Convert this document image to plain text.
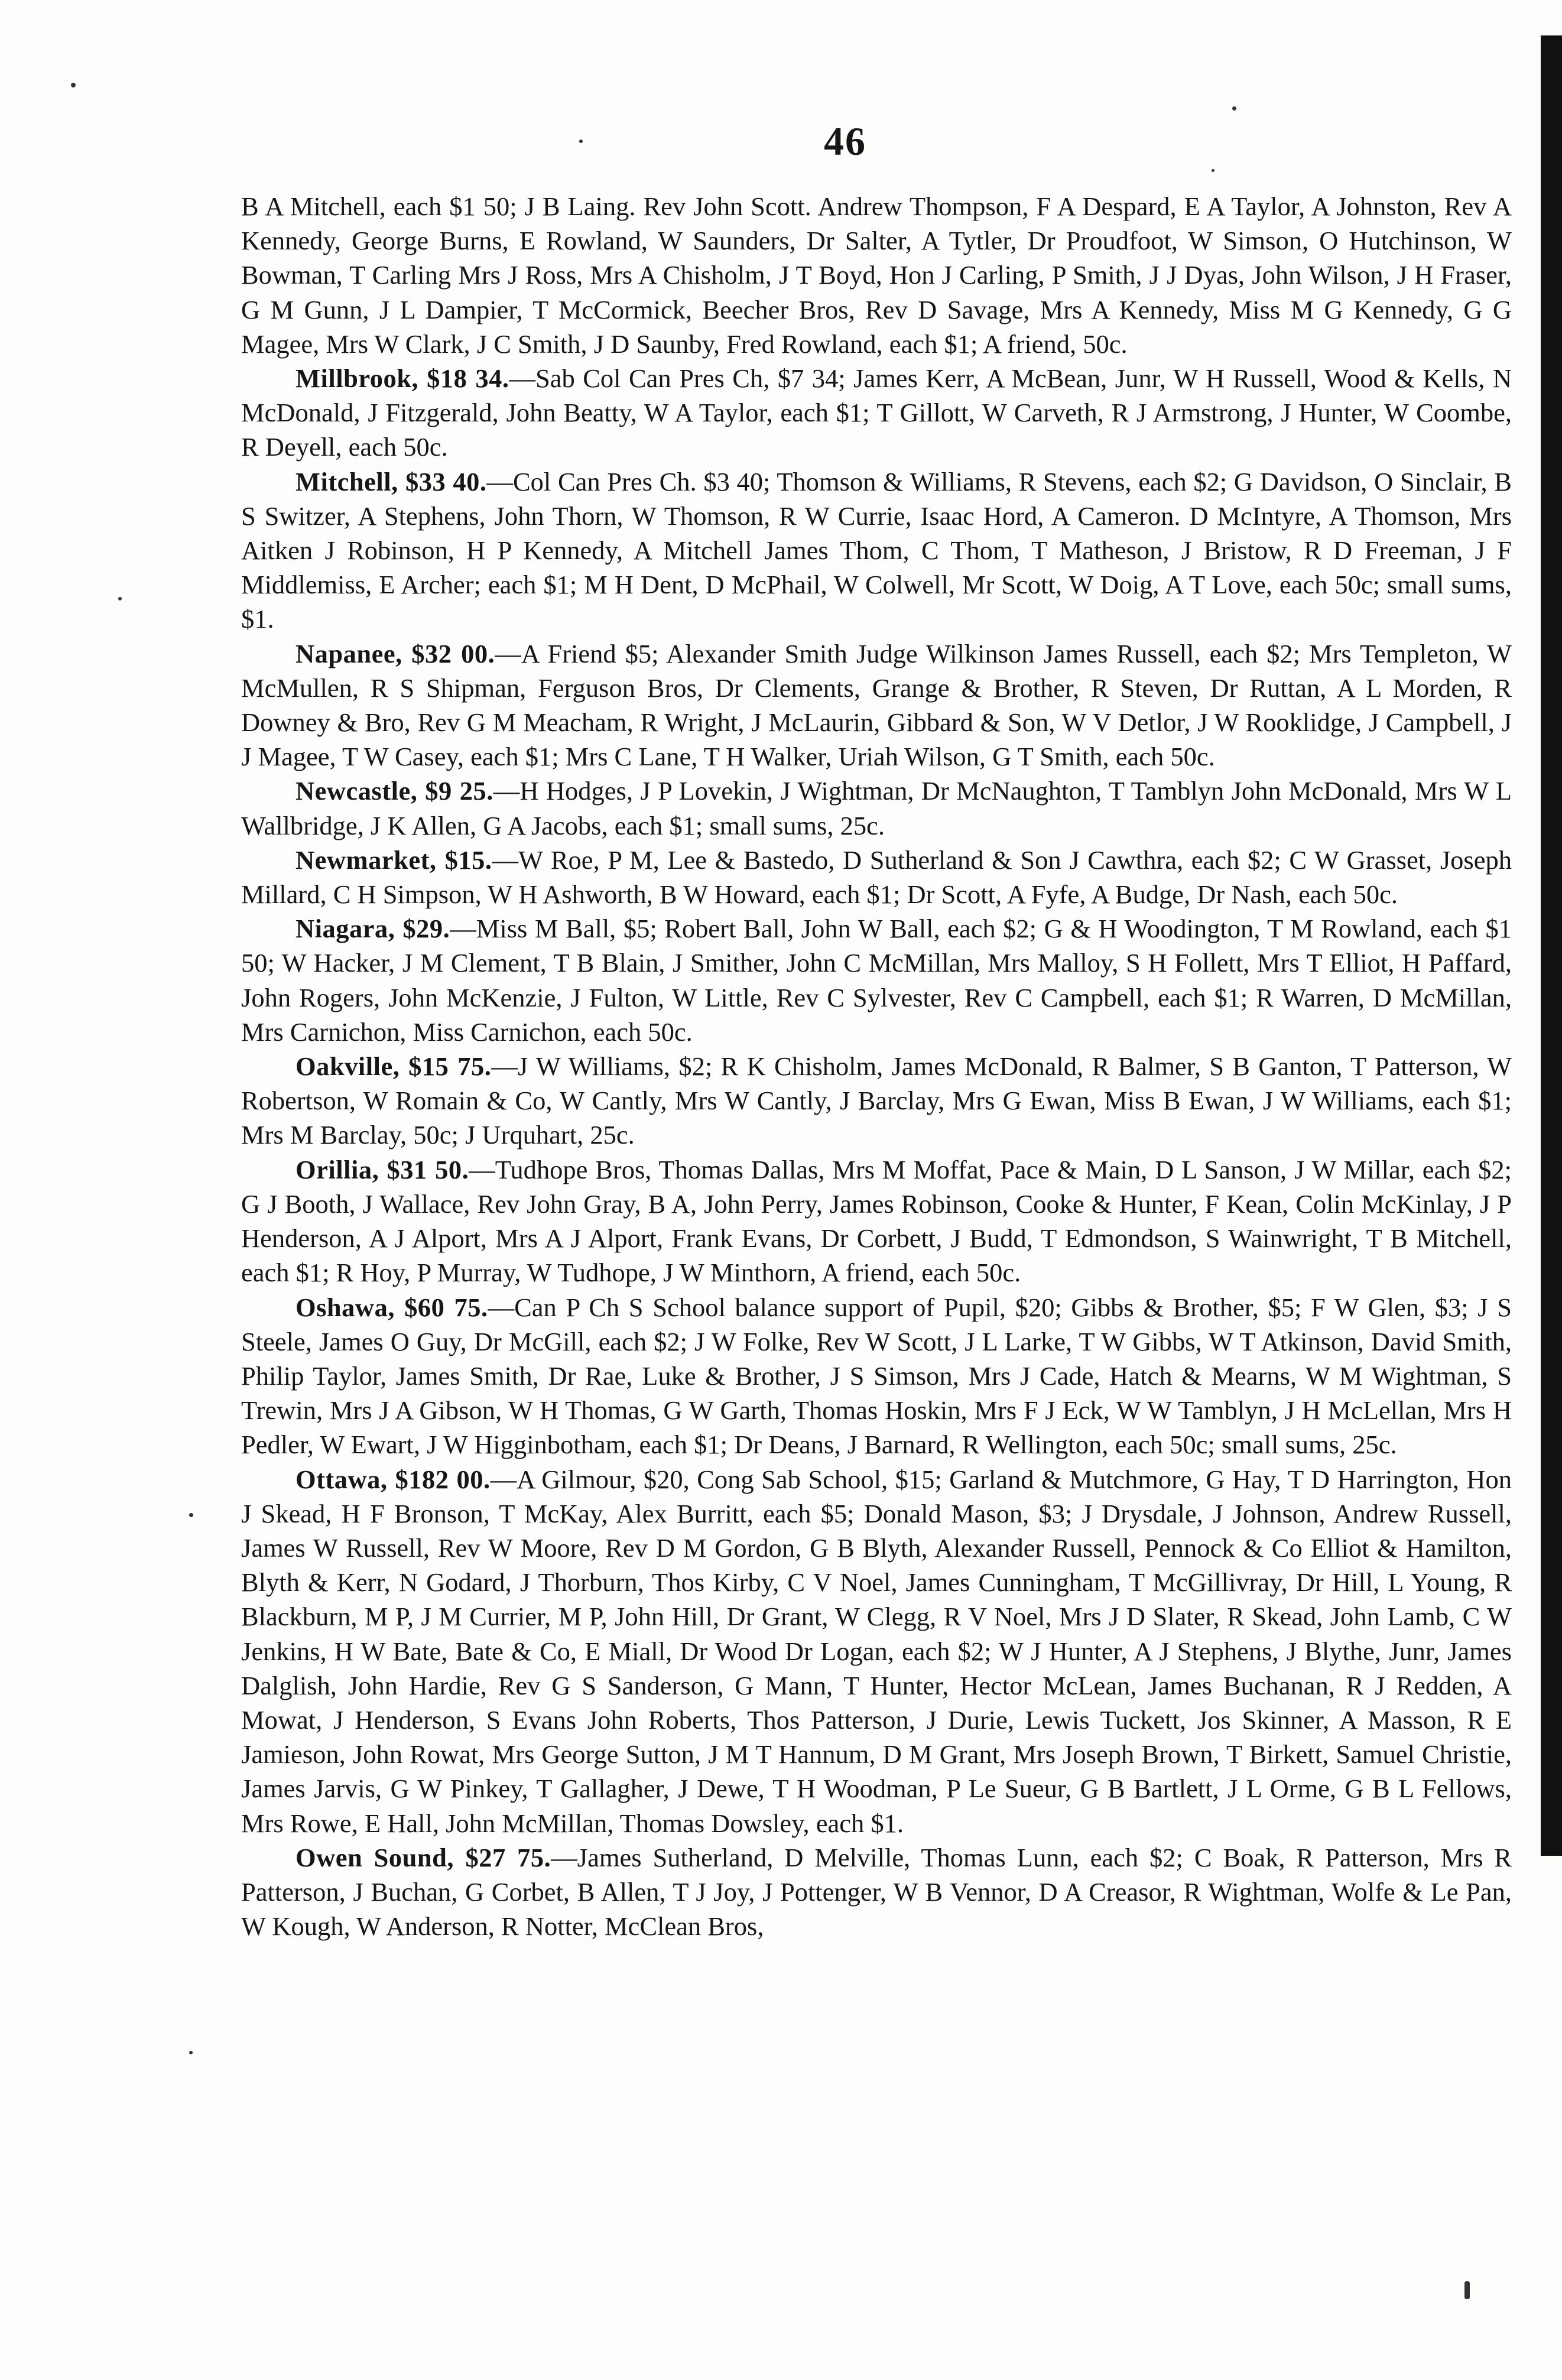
46

B A Mitchell, each $1 50; J B Laing. Rev John Scott. Andrew Thompson, F A Despard, E A Taylor, A Johnston, Rev A Kennedy, George Burns, E Rowland, W Saunders, Dr Salter, A Tytler, Dr Proudfoot, W Simson, O Hutchinson, W Bowman, T Carling Mrs J Ross, Mrs A Chisholm, J T Boyd, Hon J Carling, P Smith, J J Dyas, John Wilson, J H Fraser, G M Gunn, J L Dampier, T McCormick, Beecher Bros, Rev D Savage, Mrs A Kennedy, Miss M G Kennedy, G G Magee, Mrs W Clark, J C Smith, J D Saunby, Fred Rowland, each $1; A friend, 50c.

Millbrook, $18 34.—Sab Col Can Pres Ch, $7 34; James Kerr, A McBean, Junr, W H Russell, Wood & Kells, N McDonald, J Fitzgerald, John Beatty, W A Taylor, each $1; T Gillott, W Carveth, R J Armstrong, J Hunter, W Coombe, R Deyell, each 50c.

Mitchell, $33 40.—Col Can Pres Ch. $3 40; Thomson & Williams, R Stevens, each $2; G Davidson, O Sinclair, B S Switzer, A Stephens, John Thorn, W Thomson, R W Currie, Isaac Hord, A Cameron. D McIntyre, A Thomson, Mrs Aitken J Robinson, H P Kennedy, A Mitchell James Thom, C Thom, T Matheson, J Bristow, R D Freeman, J F Middlemiss, E Archer; each $1; M H Dent, D McPhail, W Colwell, Mr Scott, W Doig, A T Love, each 50c; small sums, $1.

Napanee, $32 00.—A Friend $5; Alexander Smith Judge Wilkinson James Russell, each $2; Mrs Templeton, W McMullen, R S Shipman, Ferguson Bros, Dr Clements, Grange & Brother, R Steven, Dr Ruttan, A L Morden, R Downey & Bro, Rev G M Meacham, R Wright, J McLaurin, Gibbard & Son, W V Detlor, J W Rooklidge, J Campbell, J J Magee, T W Casey, each $1; Mrs C Lane, T H Walker, Uriah Wilson, G T Smith, each 50c.

Newcastle, $9 25.—H Hodges, J P Lovekin, J Wightman, Dr McNaughton, T Tamblyn John McDonald, Mrs W L Wallbridge, J K Allen, G A Jacobs, each $1; small sums, 25c.

Newmarket, $15.—W Roe, P M, Lee & Bastedo, D Sutherland & Son J Cawthra, each $2; C W Grasset, Joseph Millard, C H Simpson, W H Ashworth, B W Howard, each $1; Dr Scott, A Fyfe, A Budge, Dr Nash, each 50c.

Niagara, $29.—Miss M Ball, $5; Robert Ball, John W Ball, each $2; G & H Woodington, T M Rowland, each $1 50; W Hacker, J M Clement, T B Blain, J Smither, John C McMillan, Mrs Malloy, S H Follett, Mrs T Elliot, H Paffard, John Rogers, John McKenzie, J Fulton, W Little, Rev C Sylvester, Rev C Campbell, each $1; R Warren, D McMillan, Mrs Carnichon, Miss Carnichon, each 50c.

Oakville, $15 75.—J W Williams, $2; R K Chisholm, James McDonald, R Balmer, S B Ganton, T Patterson, W Robertson, W Romain & Co, W Cantly, Mrs W Cantly, J Barclay, Mrs G Ewan, Miss B Ewan, J W Williams, each $1; Mrs M Barclay, 50c; J Urquhart, 25c.

Orillia, $31 50.—Tudhope Bros, Thomas Dallas, Mrs M Moffat, Pace & Main, D L Sanson, J W Millar, each $2; G J Booth, J Wallace, Rev John Gray, B A, John Perry, James Robinson, Cooke & Hunter, F Kean, Colin McKinlay, J P Henderson, A J Alport, Mrs A J Alport, Frank Evans, Dr Corbett, J Budd, T Edmondson, S Wainwright, T B Mitchell, each $1; R Hoy, P Murray, W Tudhope, J W Minthorn, A friend, each 50c.

Oshawa, $60 75.—Can P Ch S School balance support of Pupil, $20; Gibbs & Brother, $5; F W Glen, $3; J S Steele, James O Guy, Dr McGill, each $2; J W Folke, Rev W Scott, J L Larke, T W Gibbs, W T Atkinson, David Smith, Philip Taylor, James Smith, Dr Rae, Luke & Brother, J S Simson, Mrs J Cade, Hatch & Mearns, W M Wightman, S Trewin, Mrs J A Gibson, W H Thomas, G W Garth, Thomas Hoskin, Mrs F J Eck, W W Tamblyn, J H McLellan, Mrs H Pedler, W Ewart, J W Higginbotham, each $1; Dr Deans, J Barnard, R Wellington, each 50c; small sums, 25c.

Ottawa, $182 00.—A Gilmour, $20, Cong Sab School, $15; Garland & Mutchmore, G Hay, T D Harrington, Hon J Skead, H F Bronson, T McKay, Alex Burritt, each $5; Donald Mason, $3; J Drysdale, J Johnson, Andrew Russell, James W Russell, Rev W Moore, Rev D M Gordon, G B Blyth, Alexander Russell, Pennock & Co Elliot & Hamilton, Blyth & Kerr, N Godard, J Thorburn, Thos Kirby, C V Noel, James Cunningham, T McGillivray, Dr Hill, L Young, R Blackburn, M P, J M Currier, M P, John Hill, Dr Grant, W Clegg, R V Noel, Mrs J D Slater, R Skead, John Lamb, C W Jenkins, H W Bate, Bate & Co, E Miall, Dr Wood Dr Logan, each $2; W J Hunter, A J Stephens, J Blythe, Junr, James Dalglish, John Hardie, Rev G S Sanderson, G Mann, T Hunter, Hector McLean, James Buchanan, R J Redden, A Mowat, J Henderson, S Evans John Roberts, Thos Patterson, J Durie, Lewis Tuckett, Jos Skinner, A Masson, R E Jamieson, John Rowat, Mrs George Sutton, J M T Hannum, D M Grant, Mrs Joseph Brown, T Birkett, Samuel Christie, James Jarvis, G W Pinkey, T Gallagher, J Dewe, T H Woodman, P Le Sueur, G B Bartlett, J L Orme, G B L Fellows, Mrs Rowe, E Hall, John McMillan, Thomas Dowsley, each $1.

Owen Sound, $27 75.—James Sutherland, D Melville, Thomas Lunn, each $2; C Boak, R Patterson, Mrs R Patterson, J Buchan, G Corbet, B Allen, T J Joy, J Pottenger, W B Vennor, D A Creasor, R Wightman, Wolfe & Le Pan, W Kough, W Anderson, R Notter, McClean Bros,
